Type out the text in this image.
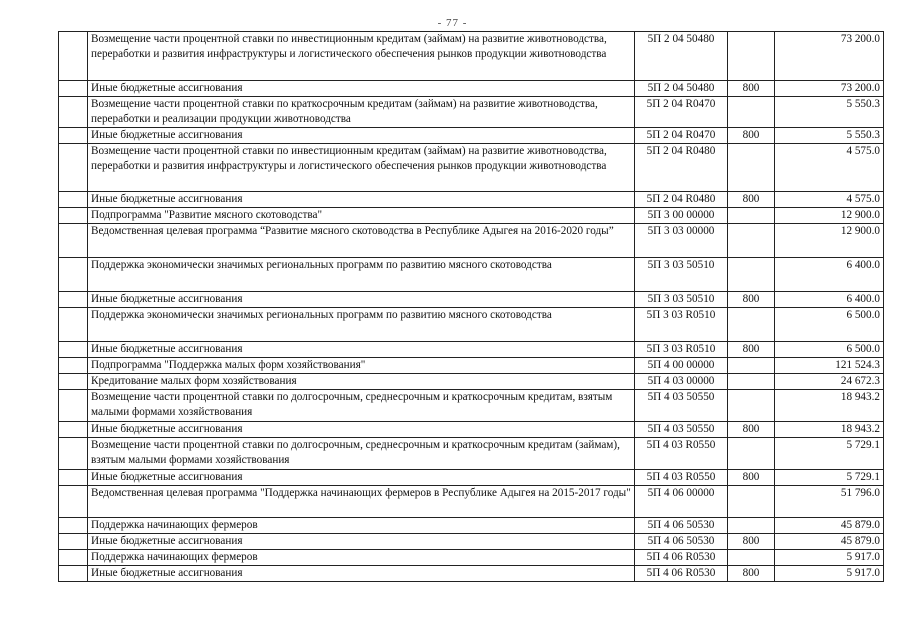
- 77 -
	Возмещение части процентной ставки по инвестиционным кредитам (займам) на развитие животноводства, переработки и развития инфраструктуры и логистического обеспечения рынков продукции животноводства	5П 2 04 50480		73 200.0
	Иные бюджетные ассигнования	5П 2 04 50480	800	73 200.0
	Возмещение части процентной ставки по краткосрочным кредитам (займам) на развитие животноводства, переработки и реализации продукции животноводства	5П 2 04 R0470		5 550.3
	Иные бюджетные ассигнования	5П 2 04 R0470	800	5 550.3
	Возмещение части процентной ставки по инвестиционным кредитам (займам) на развитие животноводства, переработки и развития инфраструктуры и логистического обеспечения рынков продукции животноводства	5П 2 04 R0480		4 575.0
	Иные бюджетные ассигнования	5П 2 04 R0480	800	4 575.0
	Подпрограмма "Развитие мясного скотоводства"	5П 3 00 00000		12 900.0
	Ведомственная целевая программа “Развитие мясного скотоводства в Республике Адыгея на 2016-2020 годы”	5П 3 03 00000		12 900.0
	Поддержка экономически значимых региональных программ по развитию мясного скотоводства	5П 3 03 50510		6 400.0
	Иные бюджетные ассигнования	5П 3 03 50510	800	6 400.0
	Поддержка экономически значимых региональных программ по развитию мясного скотоводства	5П 3 03 R0510		6 500.0
	Иные бюджетные ассигнования	5П 3 03 R0510	800	6 500.0
	Подпрограмма "Поддержка малых форм хозяйствования"	5П 4 00 00000		121 524.3
	Кредитование малых форм хозяйствования	5П 4 03 00000		24 672.3
	Возмещение части процентной ставки по долгосрочным, среднесрочным и краткосрочным кредитам, взятым малыми формами хозяйствования	5П 4 03 50550		18 943.2
	Иные бюджетные ассигнования	5П 4 03 50550	800	18 943.2
	Возмещение части процентной ставки по долгосрочным, среднесрочным и краткосрочным кредитам (займам), взятым малыми формами хозяйствования	5П 4 03 R0550		5 729.1
	Иные бюджетные ассигнования	5П 4 03 R0550	800	5 729.1
	Ведомственная целевая программа "Поддержка начинающих фермеров в Республике Адыгея на 2015-2017 годы"	5П 4 06 00000		51 796.0
	Поддержка начинающих фермеров	5П 4 06 50530		45 879.0
	Иные бюджетные ассигнования	5П 4 06 50530	800	45 879.0
	Поддержка начинающих фермеров	5П 4 06 R0530		5 917.0
	Иные бюджетные ассигнования	5П 4 06 R0530	800	5 917.0
